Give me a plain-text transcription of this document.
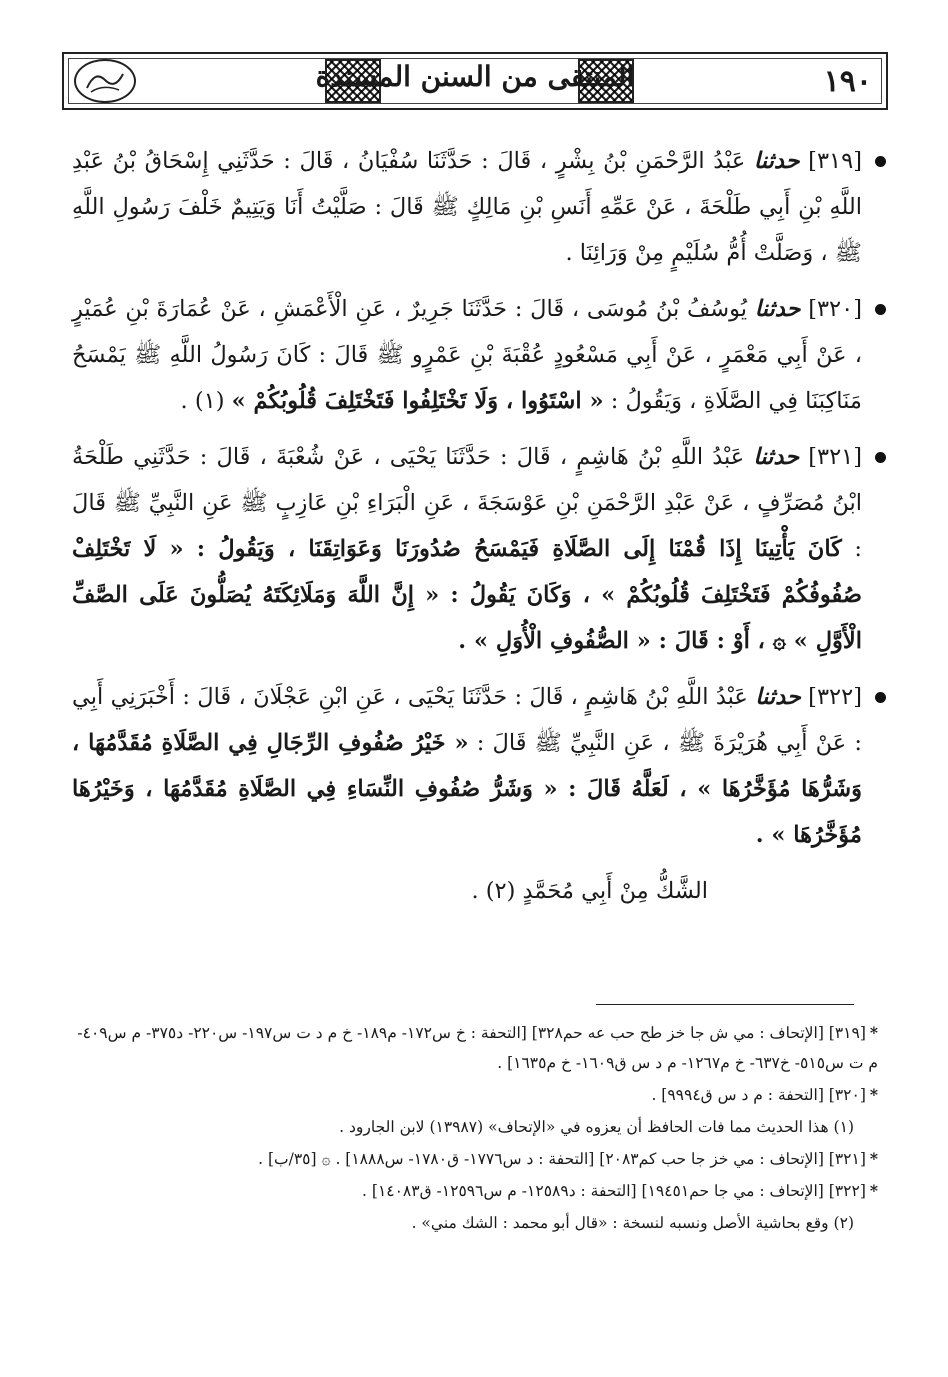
المنتقى من السنن المسندة	١٩٠

[٣١٩] حدثنا عَبْدُ الرَّحْمَنِ بْنُ بِشْرٍ ، قَالَ : حَدَّثَنَا سُفْيَانُ ، قَالَ : حَدَّثَنِي إِسْحَاقُ بْنُ عَبْدِ اللَّهِ بْنِ أَبِي طَلْحَةَ ، عَنْ عَمِّهِ أَنَسِ بْنِ مَالِكٍ ﷺ قَالَ : صَلَّيْتُ أَنَا وَيَتِيمٌ خَلْفَ رَسُولِ اللَّهِ ﷺ ، وَصَلَّتْ أُمُّ سُلَيْمٍ مِنْ وَرَائِنَا .

[٣٢٠] حدثنا يُوسُفُ بْنُ مُوسَى ، قَالَ : حَدَّثَنَا جَرِيرٌ ، عَنِ الْأَعْمَشِ ، عَنْ عُمَارَةَ بْنِ عُمَيْرٍ ، عَنْ أَبِي مَعْمَرٍ ، عَنْ أَبِي مَسْعُودٍ عُقْبَةَ بْنِ عَمْرٍو ﷺ قَالَ : كَانَ رَسُولُ اللَّهِ ﷺ يَمْسَحُ مَنَاكِبَنَا فِي الصَّلَاةِ ، وَيَقُولُ : « اسْتَوُوا ، وَلَا تَخْتَلِفُوا فَتَخْتَلِفَ قُلُوبُكُمْ » (١) .

[٣٢١] حدثنا عَبْدُ اللَّهِ بْنُ هَاشِمٍ ، قَالَ : حَدَّثَنَا يَحْيَى ، عَنْ شُعْبَةَ ، قَالَ : حَدَّثَنِي طَلْحَةُ ابْنُ مُصَرِّفٍ ، عَنْ عَبْدِ الرَّحْمَنِ بْنِ عَوْسَجَةَ ، عَنِ الْبَرَاءِ بْنِ عَازِبٍ ﷺ عَنِ النَّبِيِّ ﷺ قَالَ : كَانَ يَأْتِينَا إِذَا قُمْنَا إِلَى الصَّلَاةِ فَيَمْسَحُ صُدُورَنَا وَعَوَاتِقَنَا ، وَيَقُولُ : « لَا تَخْتَلِفْ صُفُوفُكُمْ فَتَخْتَلِفَ قُلُوبُكُمْ » ، وَكَانَ يَقُولُ : « إِنَّ اللَّهَ وَمَلَائِكَتَهُ يُصَلُّونَ عَلَى الصَّفِّ الْأَوَّلِ » ۞ ، أَوْ : قَالَ : « الصُّفُوفِ الْأُوَلِ » .

[٣٢٢] حدثنا عَبْدُ اللَّهِ بْنُ هَاشِمٍ ، قَالَ : حَدَّثَنَا يَحْيَى ، عَنِ ابْنِ عَجْلَانَ ، قَالَ : أَخْبَرَنِي أَبِي : عَنْ أَبِي هُرَيْرَةَ ﷺ ، عَنِ النَّبِيِّ ﷺ قَالَ : « خَيْرُ صُفُوفِ الرِّجَالِ فِي الصَّلَاةِ مُقَدَّمُهَا ، وَشَرُّهَا مُؤَخَّرُهَا » ، لَعَلَّهُ قَالَ : « وَشَرُّ صُفُوفِ النِّسَاءِ فِي الصَّلَاةِ مُقَدَّمُهَا ، وَخَيْرُهَا مُؤَخَّرُهَا » .

الشَّكُّ مِنْ أَبِي مُحَمَّدٍ (٢) .

*[٣١٩] [الإتحاف : مي ش جا خز طح حب عه حم٣٢٨] [التحفة : خ س١٧٢- م١٨٩- خ م د ت س١٩٧- س٢٢٠- د٣٧٥- م س٤٠٩- م ت س٥١٥- خ٦٣٧- خ م١٢٦٧- م د س ق١٦٠٩- خ م١٦٣٥] .

*[٣٢٠] [التحفة : م د س ق٩٩٩٤] .

(١) هذا الحديث مما فات الحافظ أن يعزوه في «الإتحاف» (١٣٩٨٧) لابن الجارود .

*[٣٢١] [الإتحاف : مي خز جا حب كم٢٠٨٣] [التحفة : د س١٧٧٦- ق١٧٨٠- س١٨٨٨] . ۞ [٣٥/ب] .

*[٣٢٢] [الإتحاف : مي جا حم١٩٤٥١] [التحفة : د١٢٥٨٩- م س١٢٥٩٦- ق١٤٠٨٣] .

(٢) وقع بحاشية الأصل ونسبه لنسخة : «قال أبو محمد : الشك مني» .
